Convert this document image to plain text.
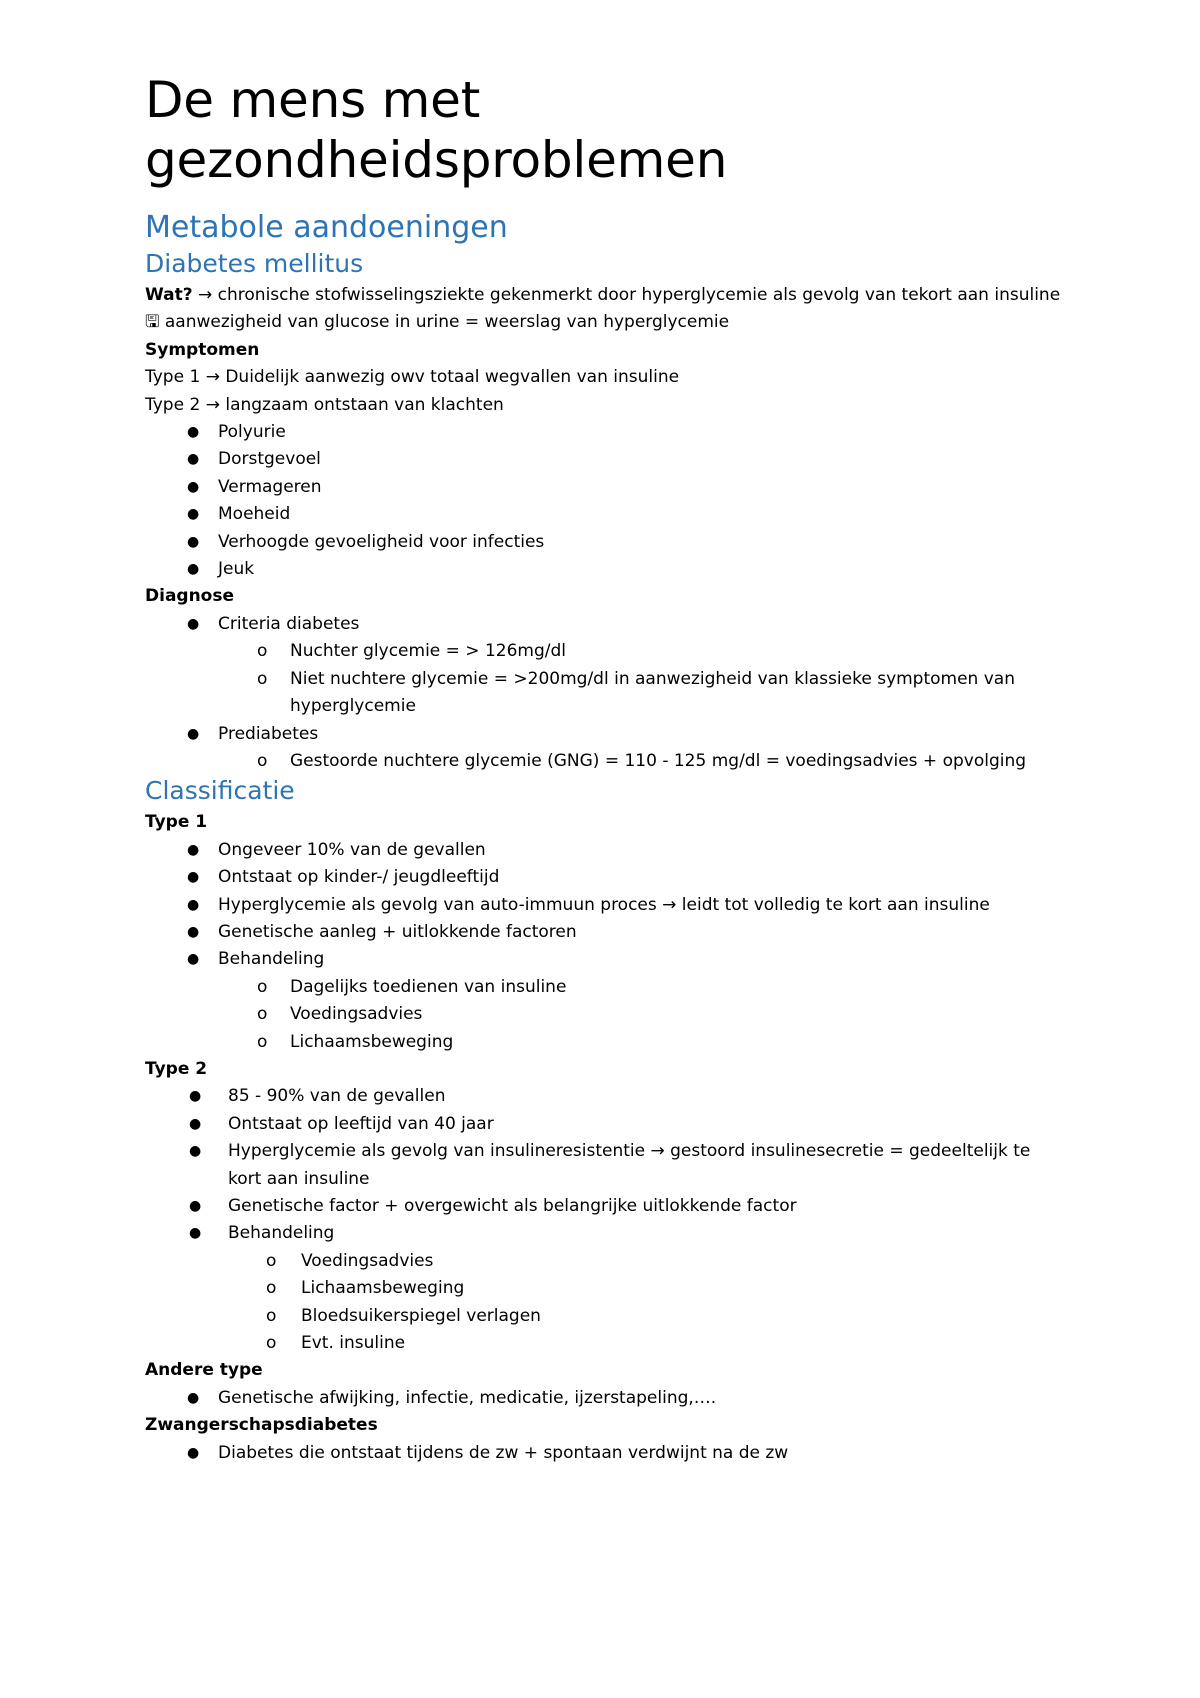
De mens met gezondheidsproblemen
Metabole aandoeningen
Diabetes mellitus
Wat? → chronische stofwisselingsziekte gekenmerkt door hyperglycemie als gevolg van tekort aan insuline
🖫 aanwezigheid van glucose in urine = weerslag van hyperglycemie
Symptomen
Type 1 → Duidelijk aanwezig owv totaal wegvallen van insuline
Type 2 → langzaam ontstaan van klachten
● Polyurie
● Dorstgevoel
● Vermageren
● Moeheid
● Verhoogde gevoeligheid voor infecties
● Jeuk
Diagnose
● Criteria diabetes
o Nuchter glycemie = > 126mg/dl
o Niet nuchtere glycemie = >200mg/dl in aanwezigheid van klassieke symptomen van hyperglycemie
● Prediabetes
o Gestoorde nuchtere glycemie (GNG) = 110 - 125 mg/dl = voedingsadvies + opvolging
Classificatie
Type 1
● Ongeveer 10% van de gevallen
● Ontstaat op kinder-/ jeugdleeftijd
● Hyperglycemie als gevolg van auto-immuun proces → leidt tot volledig te kort aan insuline
● Genetische aanleg + uitlokkende factoren
● Behandeling
o Dagelijks toedienen van insuline
o Voedingsadvies
o Lichaamsbeweging
Type 2
● 85 - 90% van de gevallen
● Ontstaat op leeftijd van 40 jaar
● Hyperglycemie als gevolg van insulineresistentie → gestoord insulinesecretie = gedeeltelijk te kort aan insuline
● Genetische factor + overgewicht als belangrijke uitlokkende factor
● Behandeling
o Voedingsadvies
o Lichaamsbeweging
o Bloedsuikerspiegel verlagen
o Evt. insuline
Andere type
● Genetische afwijking, infectie, medicatie, ijzerstapeling,….
Zwangerschapsdiabetes
● Diabetes die ontstaat tijdens de zw + spontaan verdwijnt na de zw
